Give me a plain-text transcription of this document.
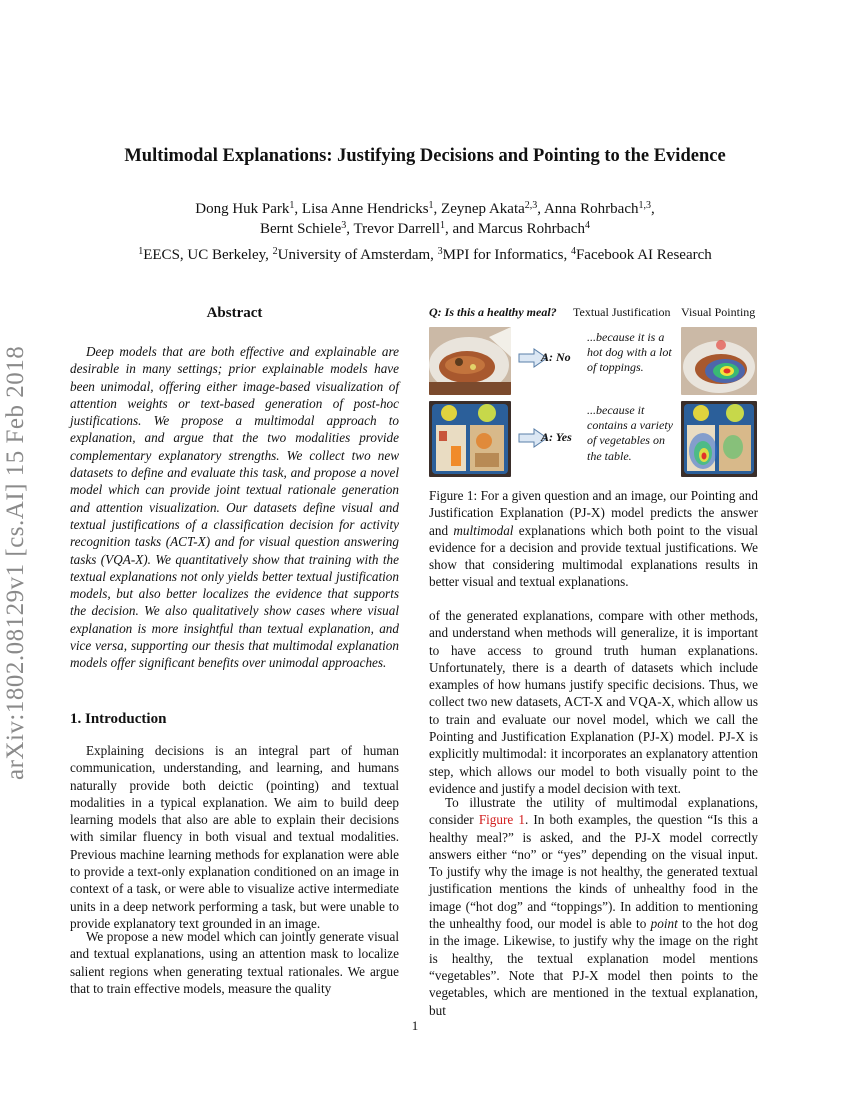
arXiv:1802.08129v1 [cs.AI] 15 Feb 2018
Multimodal Explanations: Justifying Decisions and Pointing to the Evidence
Dong Huk Park$^1$, Lisa Anne Hendricks$^1$, Zeynep Akata$^{2,3}$, Anna Rohrbach$^{1,3}$,
Bernt Schiele$^3$, Trevor Darrell$^1$, and Marcus Rohrbach$^4$
$^1$EECS, UC Berkeley, $^2$University of Amsterdam, $^3$MPI for Informatics, $^4$Facebook AI Research
Abstract

Deep models that are both effective and explainable are desirable in many settings; prior explainable models have been unimodal, offering either image-based visualization of attention weights or text-based generation of post-hoc justifications. We propose a multimodal approach to explanation, and argue that the two modalities provide complementary explanatory strengths. We collect two new datasets to define and evaluate this task, and propose a novel model which can provide joint textual rationale generation and attention visualization. Our datasets define visual and textual justifications of a classification decision for activity recognition tasks (ACT-X) and for visual question answering tasks (VQA-X). We quantitatively show that training with the textual explanations not only yields better textual justification models, but also better localizes the evidence that supports the decision. We also qualitatively show cases where visual explanation is more insightful than textual explanation, and vice versa, supporting our thesis that multimodal explanation models offer significant benefits over unimodal approaches.

1. Introduction

Explaining decisions is an integral part of human communication, understanding, and learning, and humans naturally provide both deictic (pointing) and textual modalities in a typical explanation. We aim to build deep learning models that also are able to explain their decisions with similar fluency in both visual and textual modalities. Previous machine learning methods for explanation were able to provide a text-only explanation conditioned on an image in context of a task, or were able to visualize active intermediate units in a deep network performing a task, but were unable to provide explanatory text grounded in an image.

We propose a new model which can jointly generate visual and textual explanations, using an attention mask to localize salient regions when generating textual rationales. We argue that to train effective models, measure the quality

Q: Is this a healthy meal? Textual Justification Visual Pointing
A: No
...because it is a hot dog with a lot of toppings.
A: Yes
...because it contains a variety of vegetables on the table.

Figure 1: For a given question and an image, our Pointing and Justification Explanation (PJ-X) model predicts the answer and multimodal explanations which both point to the visual evidence for a decision and provide textual justifications. We show that considering multimodal explanations results in better visual and textual explanations.

of the generated explanations, compare with other methods, and understand when methods will generalize, it is important to have access to ground truth human explanations. Unfortunately, there is a dearth of datasets which include examples of how humans justify specific decisions. Thus, we collect two new datasets, ACT-X and VQA-X, which allow us to train and evaluate our novel model, which we call the Pointing and Justification Explanation (PJ-X) model. PJ-X is explicitly multimodal: it incorporates an explanatory attention step, which allows our model to both visually point to the evidence and justify a model decision with text.

To illustrate the utility of multimodal explanations, consider Figure 1. In both examples, the question “Is this a healthy meal?” is asked, and the PJ-X model correctly answers either “no” or “yes” depending on the visual input. To justify why the image is not healthy, the generated textual justification mentions the kinds of unhealthy food in the image (“hot dog” and “toppings”). In addition to mentioning the unhealthy food, our model is able to point to the hot dog in the image. Likewise, to justify why the image on the right is healthy, the textual explanation model mentions “vegetables”. Note that PJ-X model then points to the vegetables, which are mentioned in the textual explanation, but

1
